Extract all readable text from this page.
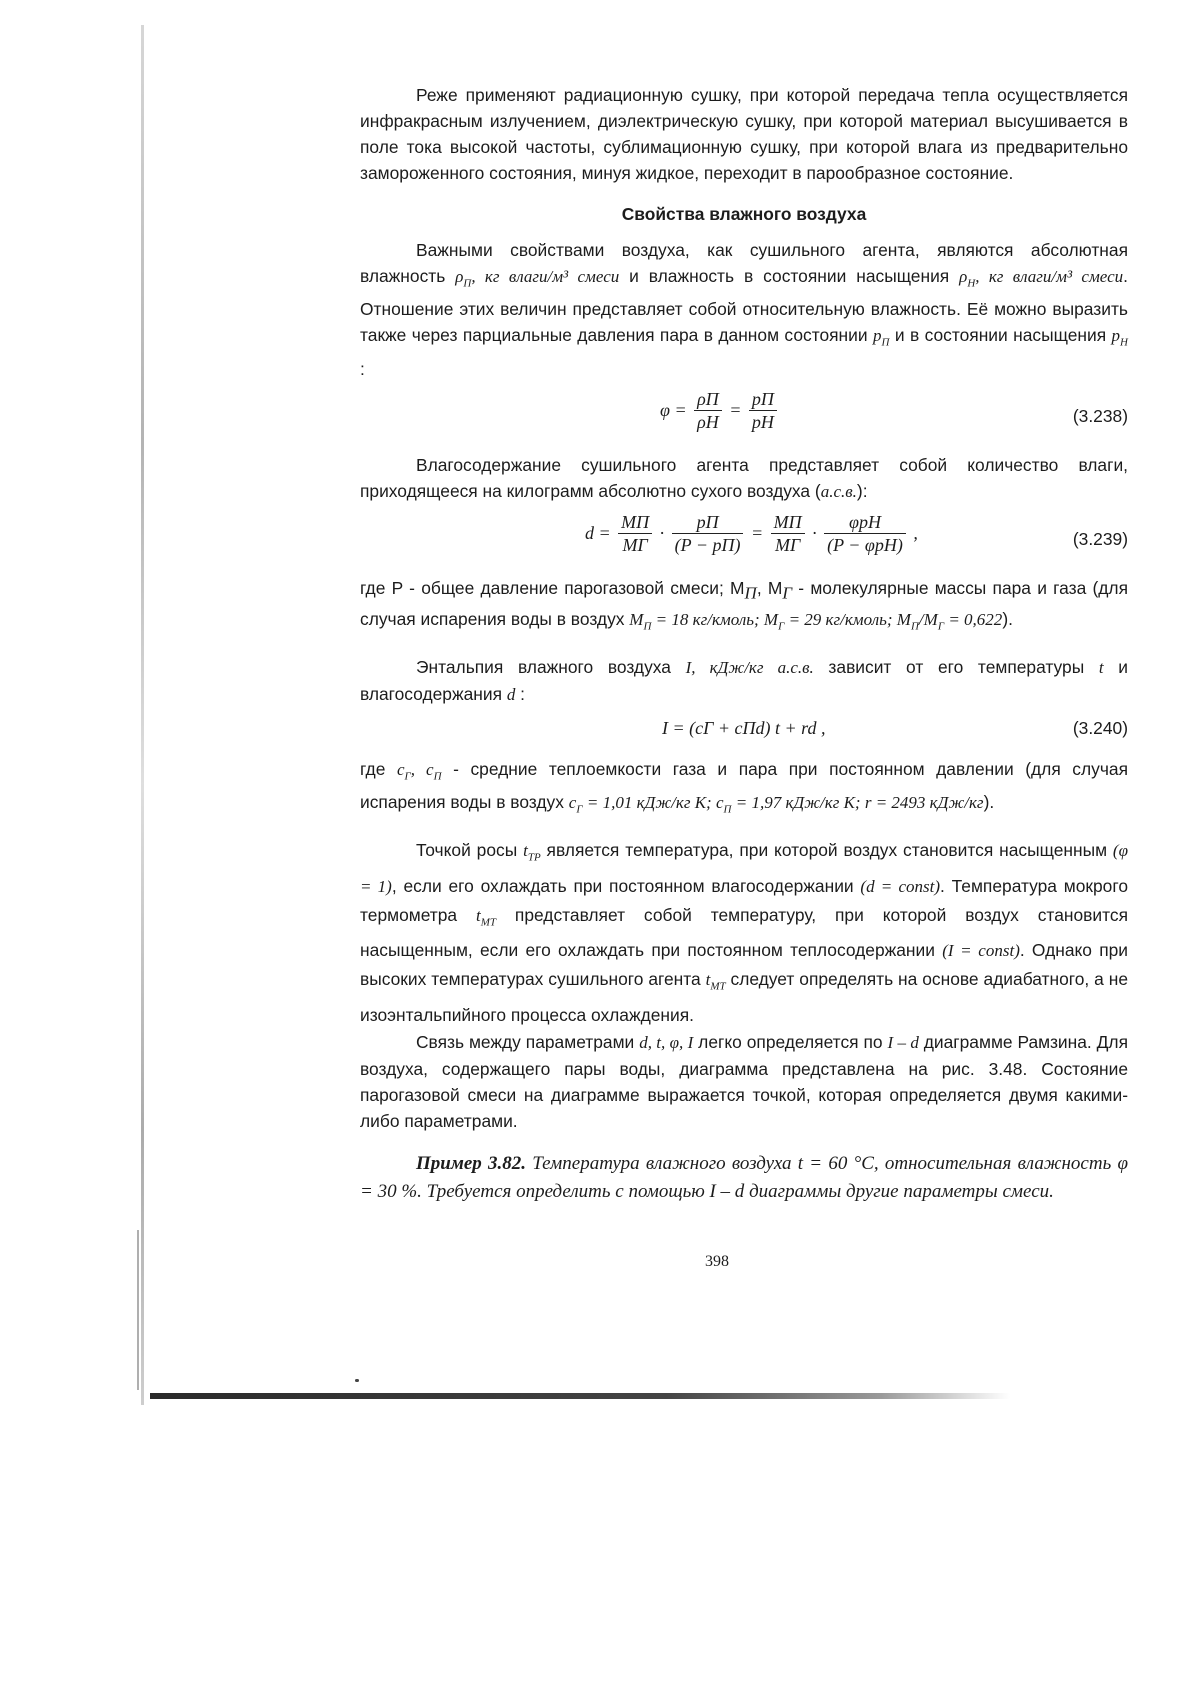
Реже применяют радиационную сушку, при которой передача тепла осуществляется инфракрасным излучением, диэлектрическую сушку, при которой материал высушивается в поле тока высокой частоты, сублимационную сушку, при которой влага из предварительно замороженного состояния, минуя жидкое, переходит в парообразное состояние.

Свойства влажного воздуха

Важными свойствами воздуха, как сушильного агента, являются абсолютная влажность $\rho_П$, кг влаги/м³ смеси и влажность в состоянии насыщения $\rho_Н$, кг влаги/м³ смеси. Отношение этих величин представляет собой относительную влажность. Её можно выразить также через парциальные давления пара в данном состоянии $p_П$ и в состоянии насыщения $p_Н$ :

$\varphi = \frac{\rho П}{\rho Н} = \frac{pП}{pН}$	(3.238)

Влагосодержание сушильного агента представляет собой количество влаги, приходящееся на килограмм абсолютно сухого воздуха (а.с.в.):

$d = \frac{MП}{MГ} \cdot \frac{pП}{(P - pП)} = \frac{MП}{MГ} \cdot \frac{\text{φpН}}{\text{(P − φpН)}}$ ,	(3.239)

где P - общее давление парогазовой смеси; $M_П$, $M_Г$ - молекулярные массы пара и газа (для случая испарения воды в воздух $M_П = 18$ кг/кмоль; $M_Г = 29$ кг/кмоль; $M_П/M_Г = 0,622$).

Энтальпия влажного воздуха I, кДж/кг а.с.в. зависит от его температуры t и влагосодержания d :

I = (cГ + cПd) t + rd ,	(3.240)

где $c_Г$, $c_П$ - средние теплоемкости газа и пара при постоянном давлении (для случая испарения воды в воздух $c_Г = 1,01$ кДж/кг K; $c_П = 1,97$ кДж/кг K; r = 2493 кДж/кг).

Точкой росы $t_{ТР}$ является температура, при которой воздух становится насыщенным (φ = 1), если его охлаждать при постоянном влагосодержании (d = const). Температура мокрого термометра $t_{МТ}$ представляет собой температуру, при которой воздух становится насыщенным, если его охлаждать при постоянном теплосодержании (I = const). Однако при высоких температурах сушильного агента $t_{МТ}$ следует определять на основе адиабатного, а не изоэнтальпийного процесса охлаждения.

Связь между параметрами d, t, φ, I легко определяется по I – d диаграмме Рамзина. Для воздуха, содержащего пары воды, диаграмма представлена на рис. 3.48. Состояние парогазовой смеси на диаграмме выражается точкой, которая определяется двумя какими-либо параметрами.

Пример 3.82. Температура влажного воздуха t = 60 °C, относительная влажность φ = 30 %. Требуется определить с помощью I – d диаграммы другие параметры смеси.

398
